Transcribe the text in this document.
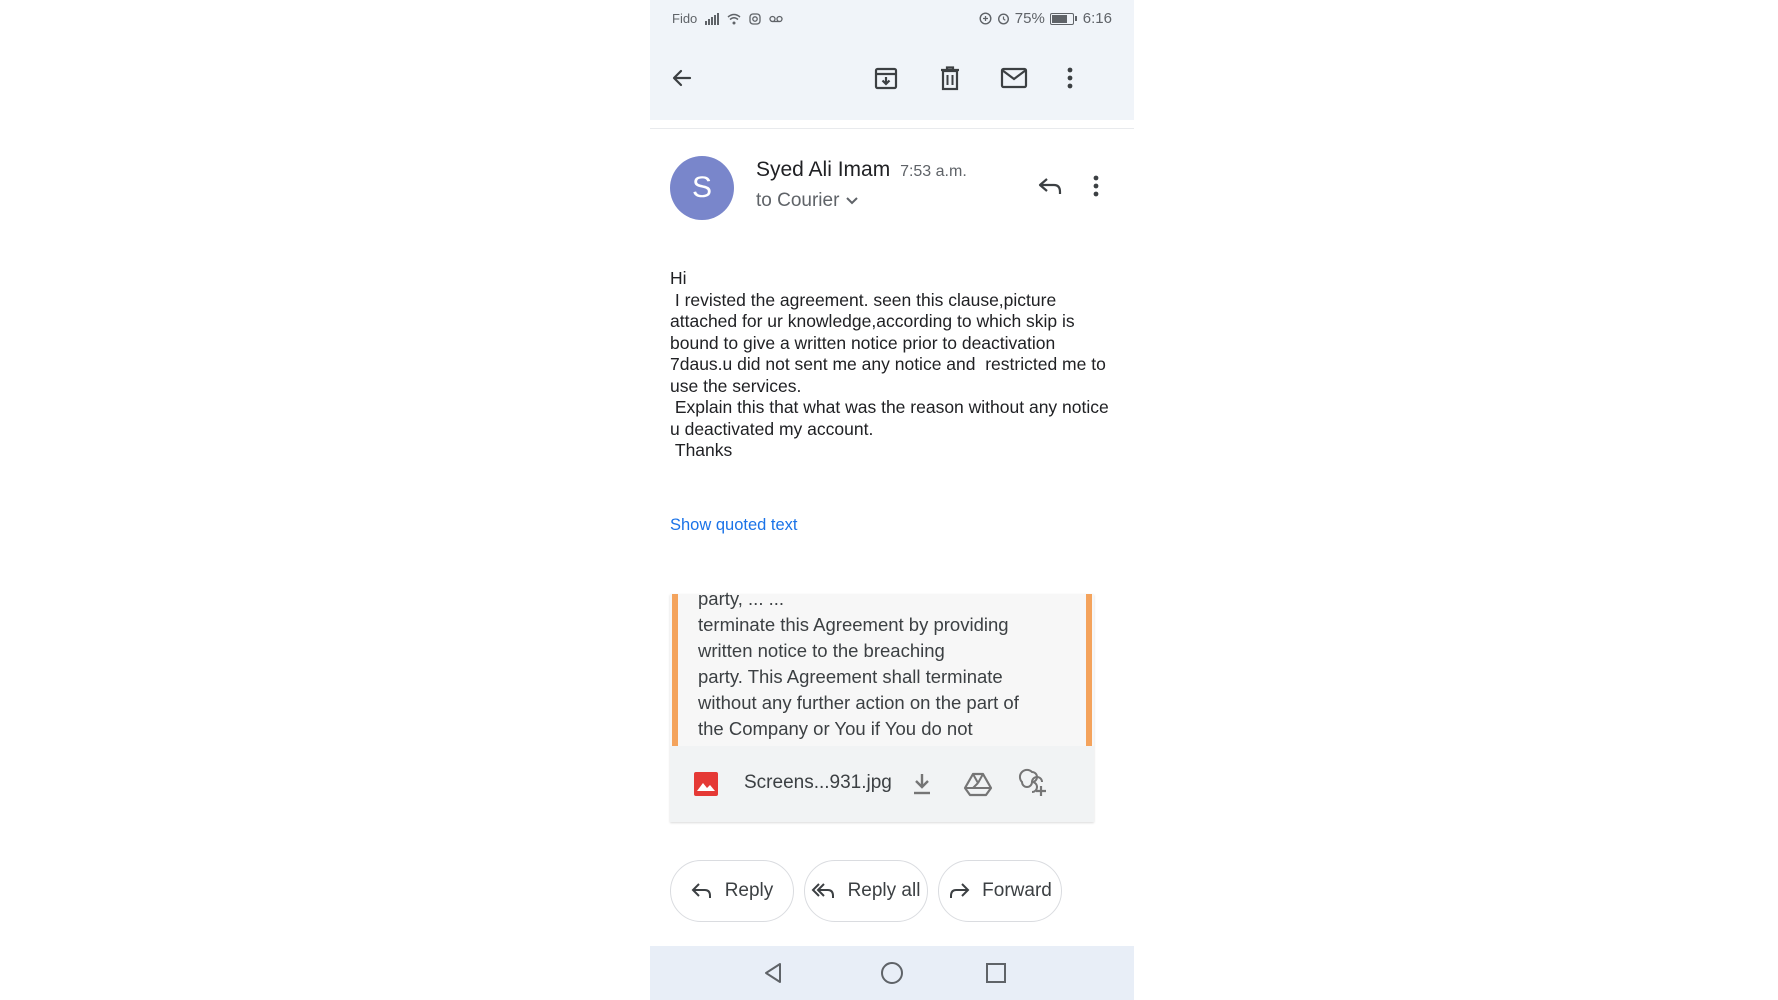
Fido	75%	6:16
S
Syed Ali Imam 7:53 a.m.
to Courier
Hi
I revisted the agreement. seen this clause,picture attached for ur knowledge,according to which skip is bound to give a written notice prior to deactivation 7daus.u did not sent me any notice and  restricted me to use the services.
Explain this that what was the reason without any notice  u deactivated my account.
Thanks
Show quoted text
party, ... ...
terminate this Agreement by providing
written notice to the breaching
party. This Agreement shall terminate
without any further action on the part of
the Company or You if You do not

Screens...931.jpg
Reply	Reply all	Forward
